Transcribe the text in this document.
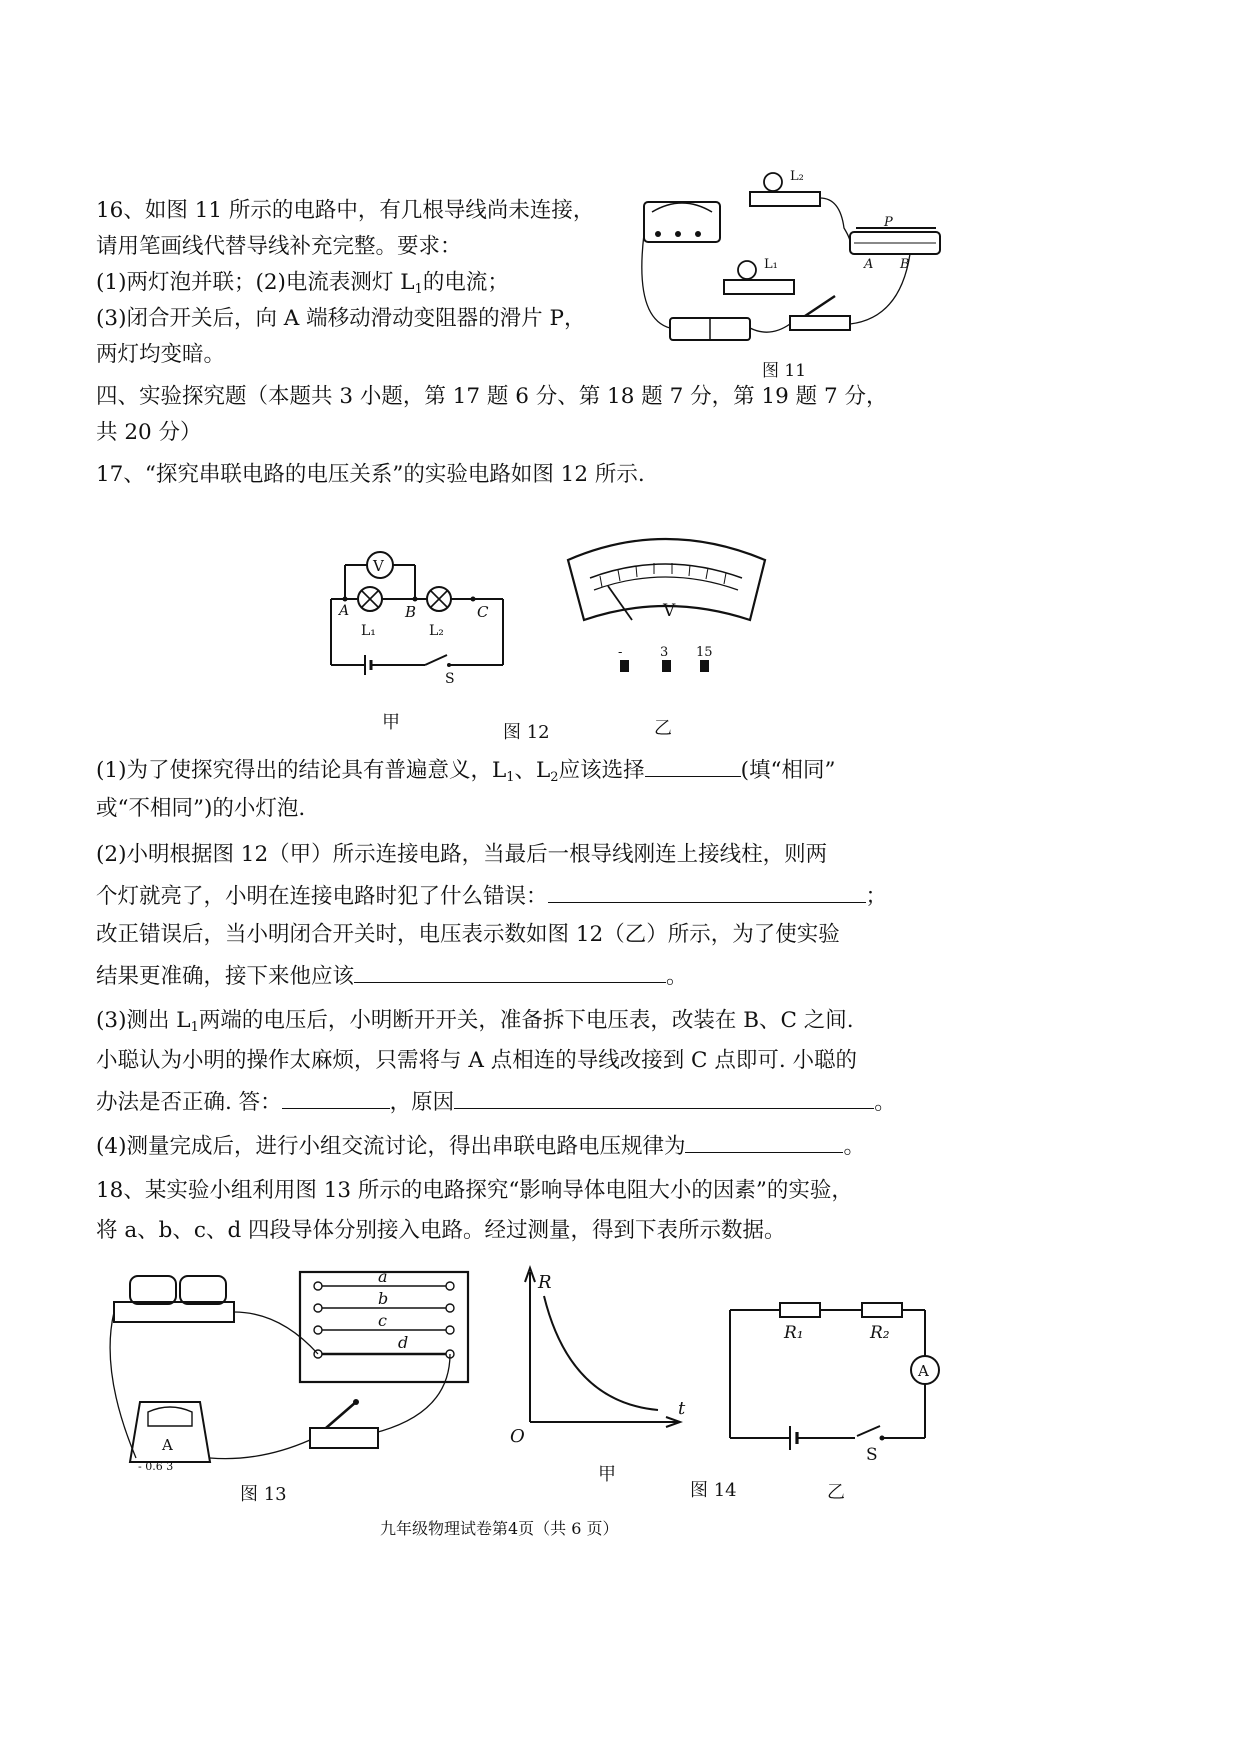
16、如图 11 所示的电路中，有几根导线尚未连接，
请用笔画线代替导线补充完整。要求：
(1)两灯泡并联；(2)电流表测灯 $L_1$的电流；
(3)闭合开关后，向 A 端移动滑动变阻器的滑片 P，
两灯均变暗。
L₂
L₁
P
A B
图 11
四、实验探究题（本题共 3 小题，第 17 题 6 分、第 18 题 7 分，第 19 题 7 分，
共 20 分）
17、“探究串联电路的电压关系”的实验电路如图 12 所示.
V
A	B	C
L₁	L₂
S
V
-	3 15
甲	图 12	乙
(1)为了使探究得出的结论具有普遍意义，$L_1$、$L_2$应该选择	(填“相同”
或“不相同”)的小灯泡.
(2)小明根据图 12（甲）所示连接电路，当最后一根导线刚连上接线柱，则两
个灯就亮了，小明在连接电路时犯了什么错误：	；
改正错误后，当小明闭合开关时，电压表示数如图 12（乙）所示，为了使实验
结果更准确，接下来他应该	。
(3)测出 $L_1$两端的电压后，小明断开开关，准备拆下电压表，改装在 B、C 之间.
小聪认为小明的操作太麻烦，只需将与 A 点相连的导线改接到 C 点即可. 小聪的
办法是否正确. 答：	，原因	。
(4)测量完成后，进行小组交流讨论，得出串联电路电压规律为	。
18、某实验小组利用图 13 所示的电路探究“影响导体电阻大小的因素”的实验，
将 a、b、c、d 四段导体分别接入电路。经过测量，得到下表所示数据。
a
b
c
d
A
- 0.6 3
图 13
R
t
O
甲
图 14
A
R₁	R₂
S
乙
九年级物理试卷第4页（共 6 页）
